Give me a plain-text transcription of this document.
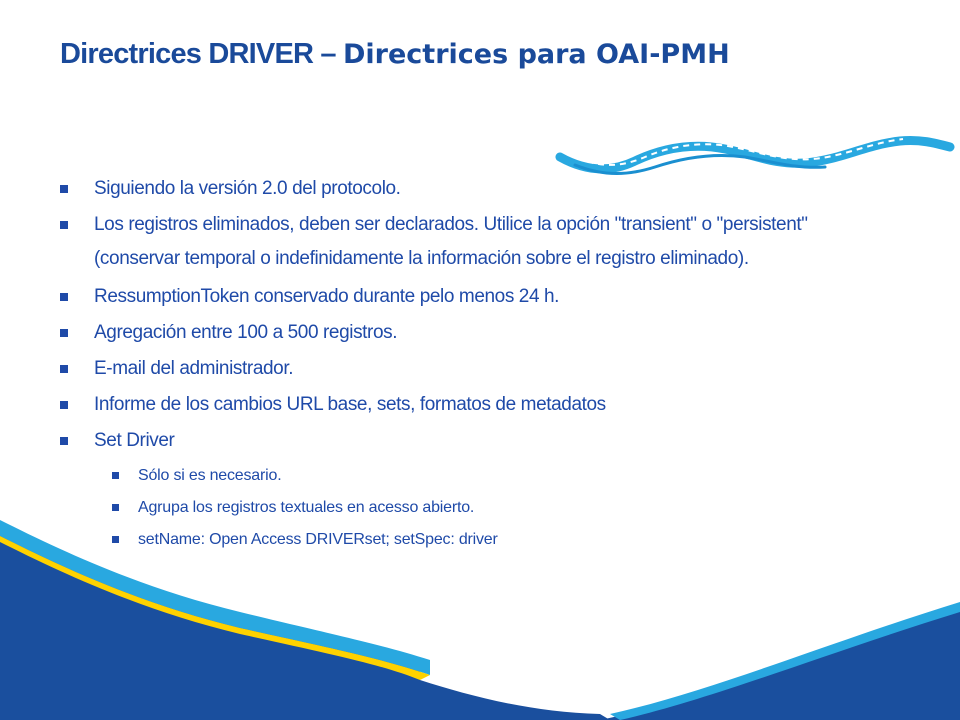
Directrices DRIVER – Directrices para OAI-PMH
Siguiendo la versión 2.0 del protocolo.
Los registros eliminados, deben ser declarados. Utilice la opción "transient" o "persistent" (conservar temporal o indefinidamente la información sobre el registro eliminado).
RessumptionToken conservado durante pelo menos 24 h.
Agregación entre 100 a 500 registros.
E-mail del administrador.
Informe de los cambios URL base, sets, formatos de metadatos
Set Driver
Sólo si es necesario.
Agrupa los registros textuales en acesso abierto.
setName: Open Access DRIVERset; setSpec: driver
